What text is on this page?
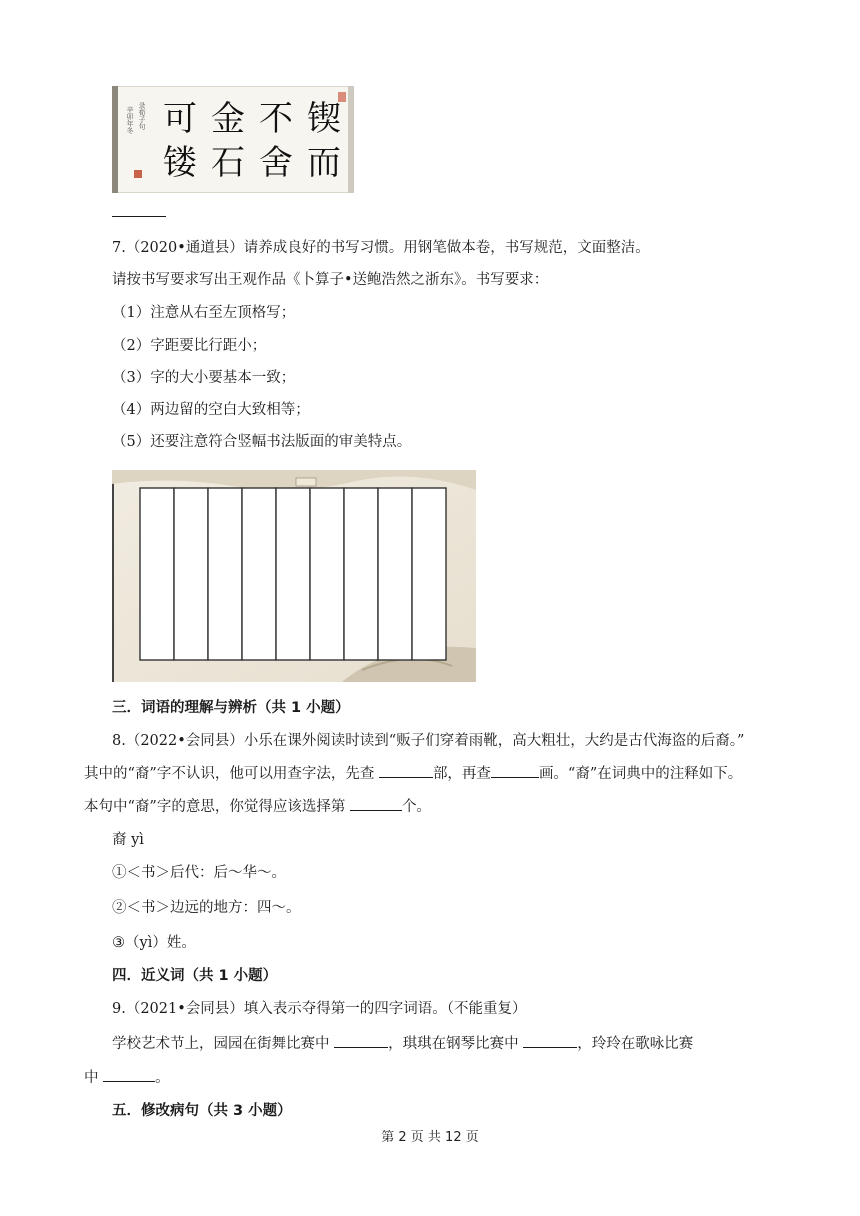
辛卯年冬 录荀子句	锲
而
不
舍
金
石
可
镂
7.（2020•通道县）请养成良好的书写习惯。用钢笔做本卷，书写规范，文面整洁。
请按书写要求写出王观作品《卜算子•送鲍浩然之浙东》。书写要求：
（1）注意从右至左顶格写；
（2）字距要比行距小；
（3）字的大小要基本一致；
（4）两边留的空白大致相等；
（5）还要注意符合竖幅书法版面的审美特点。
三．词语的理解与辨析（共 1 小题）
8.（2022•会同县）小乐在课外阅读时读到“贩子们穿着雨靴，高大粗壮，大约是古代海盗的后裔。”
其中的“裔”字不认识，他可以用查字法，先查	部，再查	画。“裔”在词典中的注释如下。
本句中“裔”字的意思，你觉得应该选择第	个。
裔 yì
①＜书＞后代：后～华～。
②＜书＞边远的地方：四～。
③（yì）姓。
四．近义词（共 1 小题）
9.（2021•会同县）填入表示夺得第一的四字词语。（不能重复）
学校艺术节上，园园在街舞比赛中	，琪琪在钢琴比赛中	，玲玲在歌咏比赛
中	。
五．修改病句（共 3 小题）
第 2 页 共 12 页
